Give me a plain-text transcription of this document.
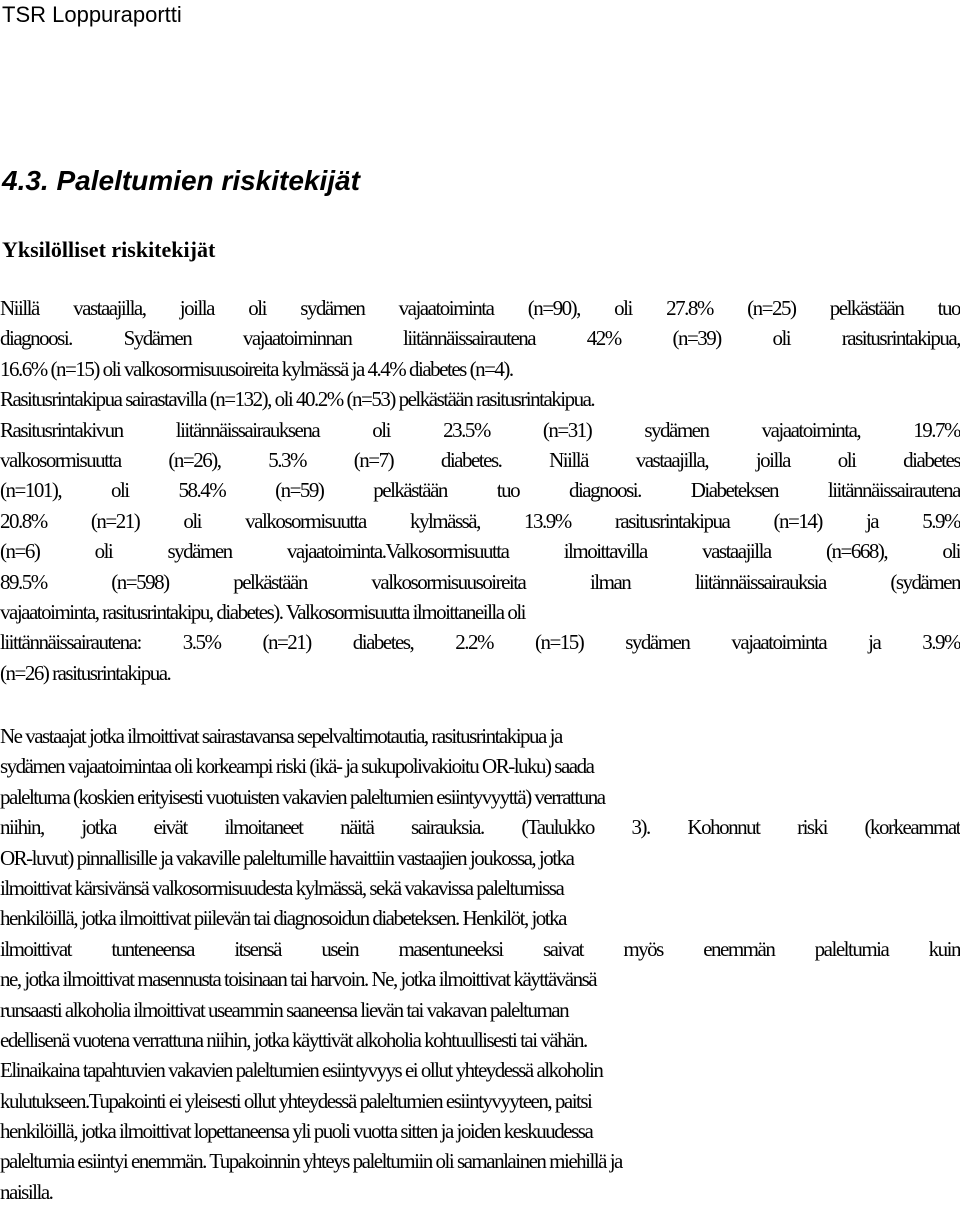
TSR Loppuraportti
4.3. Paleltumien riskitekijät
Yksilölliset riskitekijät
Niillä vastaajilla, joilla oli sydämen vajaatoiminta (n=90), oli 27.8% (n=25) pelkästään tuo
diagnoosi. Sydämen vajaatoiminnan liitännäissairautena 42% (n=39) oli rasitusrintakipua,
16.6% (n=15) oli valkosormisuusoireita kylmässä ja 4.4% diabetes (n=4).
Rasitusrintakipua sairastavilla (n=132), oli 40.2% (n=53) pelkästään rasitusrintakipua.
Rasitusrintakivun liitännäissairauksena oli 23.5% (n=31) sydämen vajaatoiminta, 19.7%
valkosormisuutta (n=26), 5.3% (n=7) diabetes. Niillä vastaajilla, joilla oli diabetes
(n=101), oli 58.4% (n=59) pelkästään tuo diagnoosi. Diabeteksen liitännäissairautena
20.8% (n=21) oli valkosormisuutta kylmässä, 13.9% rasitusrintakipua (n=14) ja 5.9%
(n=6) oli sydämen vajaatoiminta.Valkosormisuutta ilmoittavilla vastaajilla (n=668), oli
89.5% (n=598) pelkästään valkosormisuusoireita ilman liitännäissairauksia (sydämen
vajaatoiminta, rasitusrintakipu, diabetes). Valkosormisuutta ilmoittaneilla oli
liittännäissairautena: 3.5% (n=21) diabetes, 2.2% (n=15) sydämen vajaatoiminta ja 3.9%
(n=26) rasitusrintakipua.
Ne vastaajat jotka ilmoittivat sairastavansa sepelvaltimotautia, rasitusrintakipua ja
sydämen vajaatoimintaa oli korkeampi riski (ikä- ja sukupolivakioitu OR-luku) saada
paleltuma (koskien erityisesti vuotuisten vakavien paleltumien esiintyvyyttä) verrattuna
niihin, jotka eivät ilmoitaneet näitä sairauksia. (Taulukko 3). Kohonnut riski (korkeammat
OR-luvut) pinnallisille ja vakaville paleltumille havaittiin vastaajien joukossa, jotka
ilmoittivat kärsivänsä valkosormisuudesta kylmässä, sekä vakavissa paleltumissa
henkilöillä, jotka ilmoittivat piilevän tai diagnosoidun diabeteksen. Henkilöt, jotka
ilmoittivat tunteneensa itsensä usein masentuneeksi saivat myös enemmän paleltumia kuin
ne, jotka ilmoittivat masennusta toisinaan tai harvoin. Ne, jotka ilmoittivat käyttävänsä
runsaasti alkoholia ilmoittivat useammin saaneensa lievän tai vakavan paleltuman
edellisenä vuotena verrattuna niihin, jotka käyttivät alkoholia kohtuullisesti tai vähän.
Elinaikaina tapahtuvien vakavien paleltumien esiintyvyys ei ollut yhteydessä alkoholin
kulutukseen.Tupakointi ei yleisesti ollut yhteydessä paleltumien esiintyvyyteen, paitsi
henkilöillä, jotka ilmoittivat lopettaneensa yli puoli vuotta sitten ja joiden keskuudessa
paleltumia esiintyi enemmän. Tupakoinnin yhteys paleltumiin oli samanlainen miehillä ja
naisilla.
